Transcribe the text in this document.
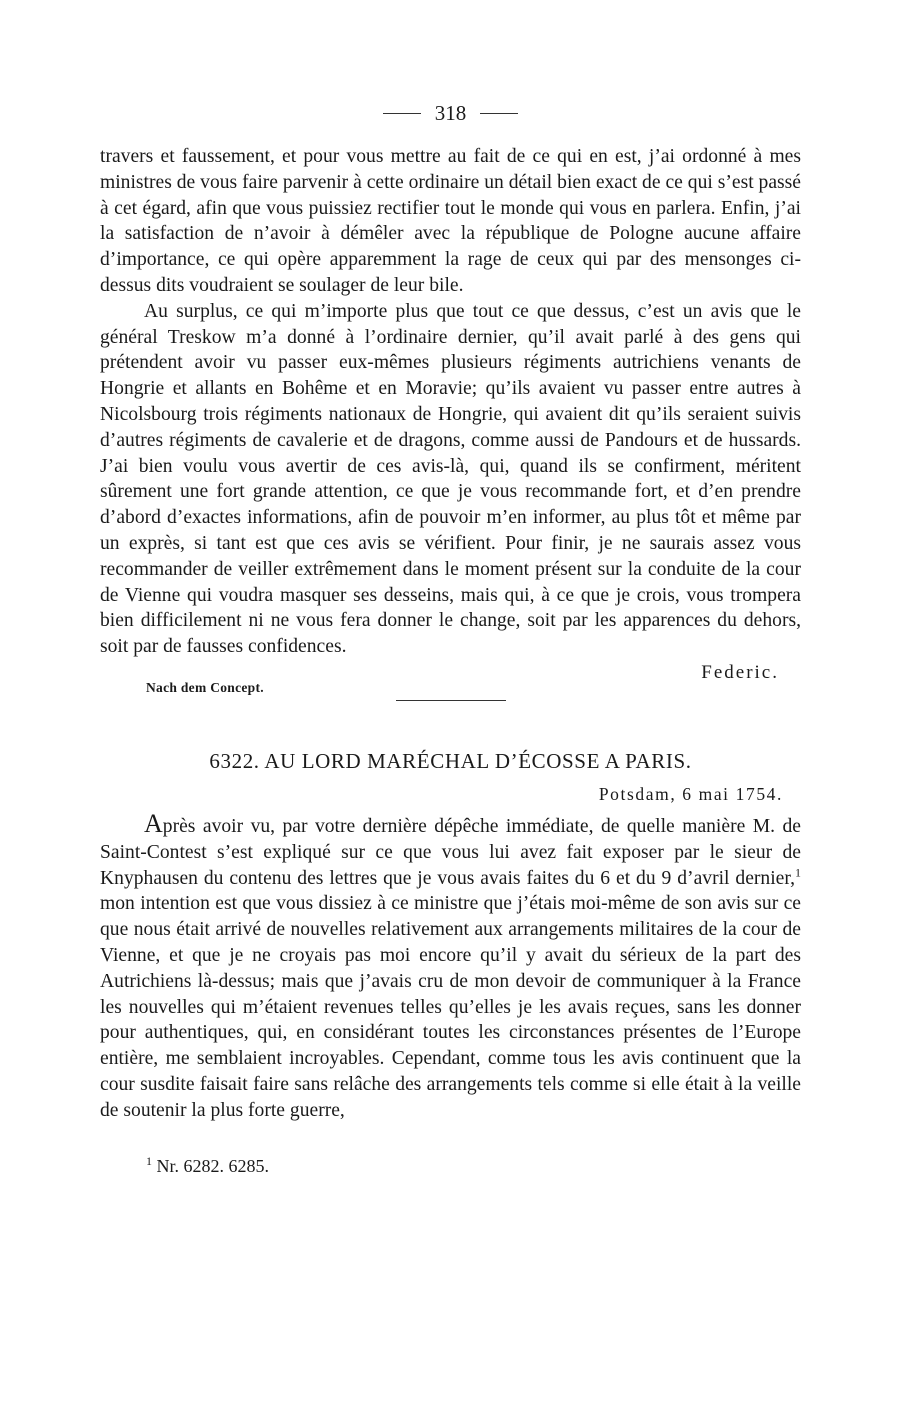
318

travers et faussement, et pour vous mettre au fait de ce qui en est, j’ai ordonné à mes ministres de vous faire parvenir à cette ordinaire un détail bien exact de ce qui s’est passé à cet égard, afin que vous puissiez rectifier tout le monde qui vous en parlera. Enfin, j’ai la satisfaction de n’avoir à démêler avec la république de Pologne aucune affaire d’importance, ce qui opère apparemment la rage de ceux qui par des mensonges ci-dessus dits voudraient se soulager de leur bile.

Au surplus, ce qui m’importe plus que tout ce que dessus, c’est un avis que le général Treskow m’a donné à l’ordinaire dernier, qu’il avait parlé à des gens qui prétendent avoir vu passer eux-mêmes plusieurs régiments autrichiens venants de Hongrie et allants en Bohême et en Moravie; qu’ils avaient vu passer entre autres à Nicolsbourg trois régiments nationaux de Hongrie, qui avaient dit qu’ils seraient suivis d’autres régiments de cavalerie et de dragons, comme aussi de Pandours et de hussards. J’ai bien voulu vous avertir de ces avis-là, qui, quand ils se confirment, méritent sûrement une fort grande attention, ce que je vous recommande fort, et d’en prendre d’abord d’exactes informations, afin de pouvoir m’en informer, au plus tôt et même par un exprès, si tant est que ces avis se vérifient. Pour finir, je ne saurais assez vous recommander de veiller extrêmement dans le moment présent sur la conduite de la cour de Vienne qui voudra masquer ses desseins, mais qui, à ce que je crois, vous trompera bien difficilement ni ne vous fera donner le change, soit par les apparences du dehors, soit par de fausses confidences.

Federic.
Nach dem Concept.
6322. AU LORD MARÉCHAL D’ÉCOSSE A PARIS.
Potsdam, 6 mai 1754.

Après avoir vu, par votre dernière dépêche immédiate, de quelle manière M. de Saint-Contest s’est expliqué sur ce que vous lui avez fait exposer par le sieur de Knyphausen du contenu des lettres que je vous avais faites du 6 et du 9 d’avril dernier,$^1$ mon intention est que vous dissiez à ce ministre que j’étais moi-même de son avis sur ce que nous était arrivé de nouvelles relativement aux arrangements militaires de la cour de Vienne, et que je ne croyais pas moi encore qu’il y avait du sérieux de la part des Autrichiens là-dessus; mais que j’avais cru de mon devoir de communiquer à la France les nouvelles qui m’étaient revenues telles qu’elles je les avais reçues, sans les donner pour authentiques, qui, en considérant toutes les circonstances présentes de l’Europe entière, me semblaient incroyables. Cependant, comme tous les avis continuent que la cour susdite faisait faire sans relâche des arrangements tels comme si elle était à la veille de soutenir la plus forte guerre,

$^1$ Nr. 6282. 6285.
